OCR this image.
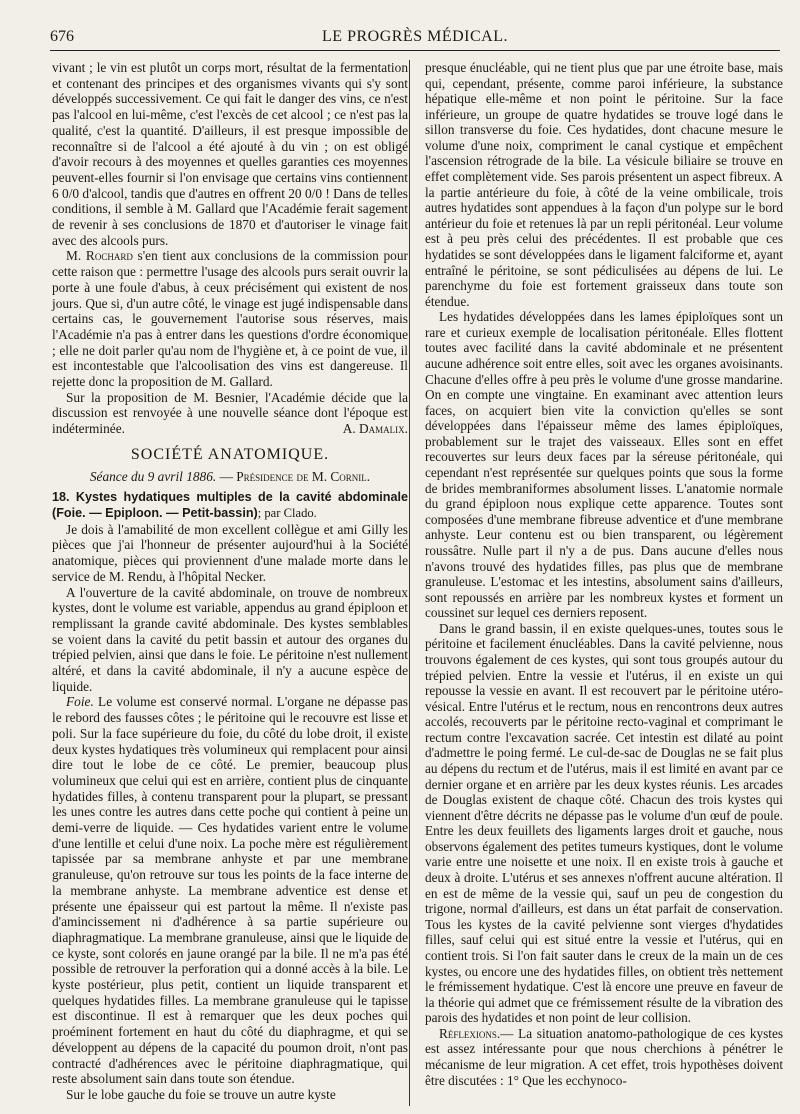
676	LE PROGRÈS MÉDICAL.

vivant ; le vin est plutôt un corps mort, résultat de la fermentation et contenant des principes et des organismes vivants qui s'y sont développés successivement. Ce qui fait le danger des vins, ce n'est pas l'alcool en lui-même, c'est l'excès de cet alcool ; ce n'est pas la qualité, c'est la quantité. D'ailleurs, il est presque impossible de reconnaître si de l'alcool a été ajouté à du vin ; on est obligé d'avoir recours à des moyennes et quelles garanties ces moyennes peuvent-elles fournir si l'on envisage que certains vins contiennent 6 0/0 d'alcool, tandis que d'autres en offrent 20 0/0 ! Dans de telles conditions, il semble à M. Gallard que l'Académie ferait sagement de revenir à ses conclusions de 1870 et d'autoriser le vinage fait avec des alcools purs.

M. Rochard s'en tient aux conclusions de la commission pour cette raison que : permettre l'usage des alcools purs serait ouvrir la porte à une foule d'abus, à ceux précisément qui existent de nos jours. Que si, d'un autre côté, le vinage est jugé indispensable dans certains cas, le gouvernement l'autorise sous réserves, mais l'Académie n'a pas à entrer dans les questions d'ordre économique ; elle ne doit parler qu'au nom de l'hygiène et, à ce point de vue, il est incontestable que l'alcoolisation des vins est dangereuse. Il rejette donc la proposition de M. Gallard.

Sur la proposition de M. Besnier, l'Académie décide que la discussion est renvoyée à une nouvelle séance dont l'époque est indéterminée.	A. Damalix.

SOCIÉTÉ ANATOMIQUE.
Séance du 9 avril 1886. — Présidence de M. Cornil.

18. Kystes hydatiques multiples de la cavité abdominale (Foie. — Epiploon. — Petit-bassin); par Clado.

Je dois à l'amabilité de mon excellent collègue et ami Gilly les pièces que j'ai l'honneur de présenter aujourd'hui à la Société anatomique, pièces qui proviennent d'une malade morte dans le service de M. Rendu, à l'hôpital Necker.

A l'ouverture de la cavité abdominale, on trouve de nombreux kystes, dont le volume est variable, appendus au grand épiploon et remplissant la grande cavité abdominale. Des kystes semblables se voient dans la cavité du petit bassin et autour des organes du trépied pelvien, ainsi que dans le foie. Le péritoine n'est nullement altéré, et dans la cavité abdominale, il n'y a aucune espèce de liquide.

Foie. Le volume est conservé normal. L'organe ne dépasse pas le rebord des fausses côtes ; le péritoine qui le recouvre est lisse et poli. Sur la face supérieure du foie, du côté du lobe droit, il existe deux kystes hydatiques très volumineux qui remplacent pour ainsi dire tout le lobe de ce côté. Le premier, beaucoup plus volumineux que celui qui est en arrière, contient plus de cinquante hydatides filles, à contenu transparent pour la plupart, se pressant les unes contre les autres dans cette poche qui contient à peine un demi-verre de liquide. — Ces hydatides varient entre le volume d'une lentille et celui d'une noix. La poche mère est régulièrement tapissée par sa membrane anhyste et par une membrane granuleuse, qu'on retrouve sur tous les points de la face interne de la membrane anhyste. La membrane adventice est dense et présente une épaisseur qui est partout la même. Il n'existe pas d'amincissement ni d'adhérence à sa partie supérieure ou diaphragmatique. La membrane granuleuse, ainsi que le liquide de ce kyste, sont colorés en jaune orangé par la bile. Il ne m'a pas été possible de retrouver la perforation qui a donné accès à la bile. Le kyste postérieur, plus petit, contient un liquide transparent et quelques hydatides filles. La membrane granuleuse qui le tapisse est discontinue. Il est à remarquer que les deux poches qui proéminent fortement en haut du côté du diaphragme, et qui se développent au dépens de la capacité du poumon droit, n'ont pas contracté d'adhérences avec le péritoine diaphragmatique, qui reste absolument sain dans toute son étendue.

Sur le lobe gauche du foie se trouve un autre kyste

presque énucléable, qui ne tient plus que par une étroite base, mais qui, cependant, présente, comme paroi inférieure, la substance hépatique elle-même et non point le péritoine. Sur la face inférieure, un groupe de quatre hydatides se trouve logé dans le sillon transverse du foie. Ces hydatides, dont chacune mesure le volume d'une noix, compriment le canal cystique et empêchent l'ascension rétrograde de la bile. La vésicule biliaire se trouve en effet complètement vide. Ses parois présentent un aspect fibreux. A la partie antérieure du foie, à côté de la veine ombilicale, trois autres hydatides sont appendues à la façon d'un polype sur le bord antérieur du foie et retenues là par un repli péritonéal. Leur volume est à peu près celui des précédentes. Il est probable que ces hydatides se sont développées dans le ligament falciforme et, ayant entraîné le péritoine, se sont pédiculisées au dépens de lui. Le parenchyme du foie est fortement graisseux dans toute son étendue.

Les hydatides développées dans les lames épiploïques sont un rare et curieux exemple de localisation péritonéale. Elles flottent toutes avec facilité dans la cavité abdominale et ne présentent aucune adhérence soit entre elles, soit avec les organes avoisinants. Chacune d'elles offre à peu près le volume d'une grosse mandarine. On en compte une vingtaine. En examinant avec attention leurs faces, on acquiert bien vite la conviction qu'elles se sont développées dans l'épaisseur même des lames épiploïques, probablement sur le trajet des vaisseaux. Elles sont en effet recouvertes sur leurs deux faces par la séreuse péritonéale, qui cependant n'est représentée sur quelques points que sous la forme de brides membraniformes absolument lisses. L'anatomie normale du grand épiploon nous explique cette apparence. Toutes sont composées d'une membrane fibreuse adventice et d'une membrane anhyste. Leur contenu est ou bien transparent, ou légèrement roussâtre. Nulle part il n'y a de pus. Dans aucune d'elles nous n'avons trouvé des hydatides filles, pas plus que de membrane granuleuse. L'estomac et les intestins, absolument sains d'ailleurs, sont repoussés en arrière par les nombreux kystes et forment un coussinet sur lequel ces derniers reposent.

Dans le grand bassin, il en existe quelques-unes, toutes sous le péritoine et facilement énucléables. Dans la cavité pelvienne, nous trouvons également de ces kystes, qui sont tous groupés autour du trépied pelvien. Entre la vessie et l'utérus, il en existe un qui repousse la vessie en avant. Il est recouvert par le péritoine utéro-vésical. Entre l'utérus et le rectum, nous en rencontrons deux autres accolés, recouverts par le péritoine recto-vaginal et comprimant le rectum contre l'excavation sacrée. Cet intestin est dilaté au point d'admettre le poing fermé. Le cul-de-sac de Douglas ne se fait plus au dépens du rectum et de l'utérus, mais il est limité en avant par ce dernier organe et en arrière par les deux kystes réunis. Les arcades de Douglas existent de chaque côté. Chacun des trois kystes qui viennent d'être décrits ne dépasse pas le volume d'un œuf de poule. Entre les deux feuillets des ligaments larges droit et gauche, nous observons également des petites tumeurs kystiques, dont le volume varie entre une noisette et une noix. Il en existe trois à gauche et deux à droite. L'utérus et ses annexes n'offrent aucune altération. Il en est de même de la vessie qui, sauf un peu de congestion du trigone, normal d'ailleurs, est dans un état parfait de conservation. Tous les kystes de la cavité pelvienne sont vierges d'hydatides filles, sauf celui qui est situé entre la vessie et l'utérus, qui en contient trois. Si l'on fait sauter dans le creux de la main un de ces kystes, ou encore une des hydatides filles, on obtient très nettement le frémissement hydatique. C'est là encore une preuve en faveur de la théorie qui admet que ce frémissement résulte de la vibration des parois des hydatides et non point de leur collision.

Réflexions.— La situation anatomo-pathologique de ces kystes est assez intéressante pour que nous cherchions à pénétrer le mécanisme de leur migration. A cet effet, trois hypothèses doivent être discutées : 1° Que les ecchynoco-
